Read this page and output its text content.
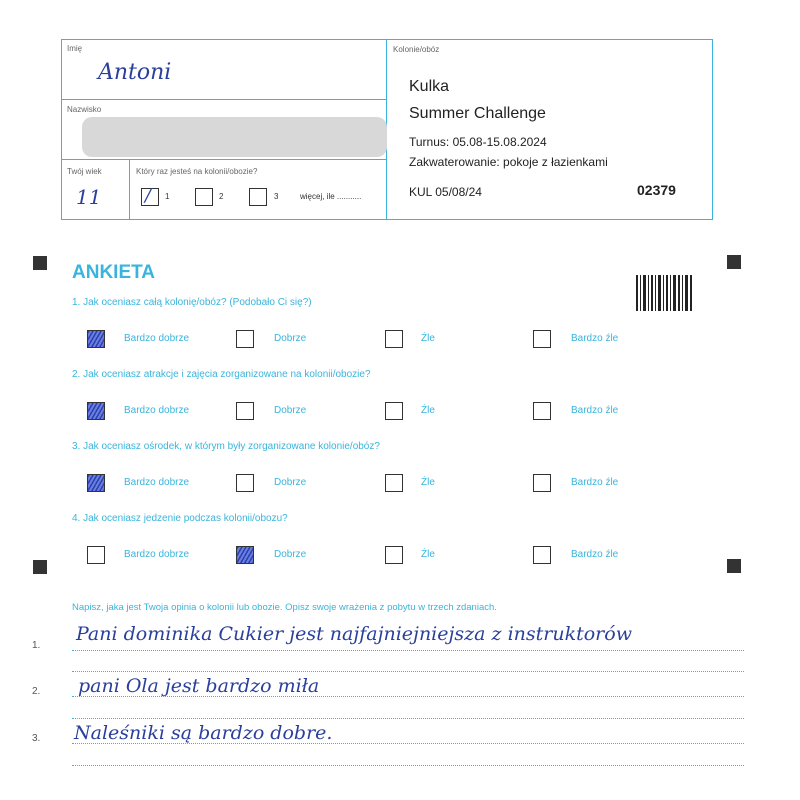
Imię
Antoni
Nazwisko
Twój wiek
11
Który raz jesteś na kolonii/obozie?
/ 1	2	3	więcej, ile ...........
Kolonie/obóz
Kulka
Summer Challenge
Turnus: 05.08-15.08.2024
Zakwaterowanie: pokoje z łazienkami
KUL 05/08/24	02379
ANKIETA
1. Jak oceniasz całą kolonię/obóz? (Podobało Ci się?)
Bardzo dobrze	Dobrze	Źle	Bardzo źle
2. Jak oceniasz atrakcje i zajęcia zorganizowane na kolonii/obozie?
Bardzo dobrze	Dobrze	Źle	Bardzo źle
3. Jak oceniasz ośrodek, w którym były zorganizowane kolonie/obóz?
Bardzo dobrze	Dobrze	Źle	Bardzo źle
4. Jak oceniasz jedzenie podczas kolonii/obozu?
Bardzo dobrze	Dobrze	Źle	Bardzo źle
Napisz, jaka jest Twoja opinia o kolonii lub obozie. Opisz swoje wrażenia z pobytu w trzech zdaniach.
1.
Pani dominika Cukier jest najfajniejniejsza z instruktorów
2. pani Ola jest bardzo miła
3. Naleśniki są bardzo dobre.
